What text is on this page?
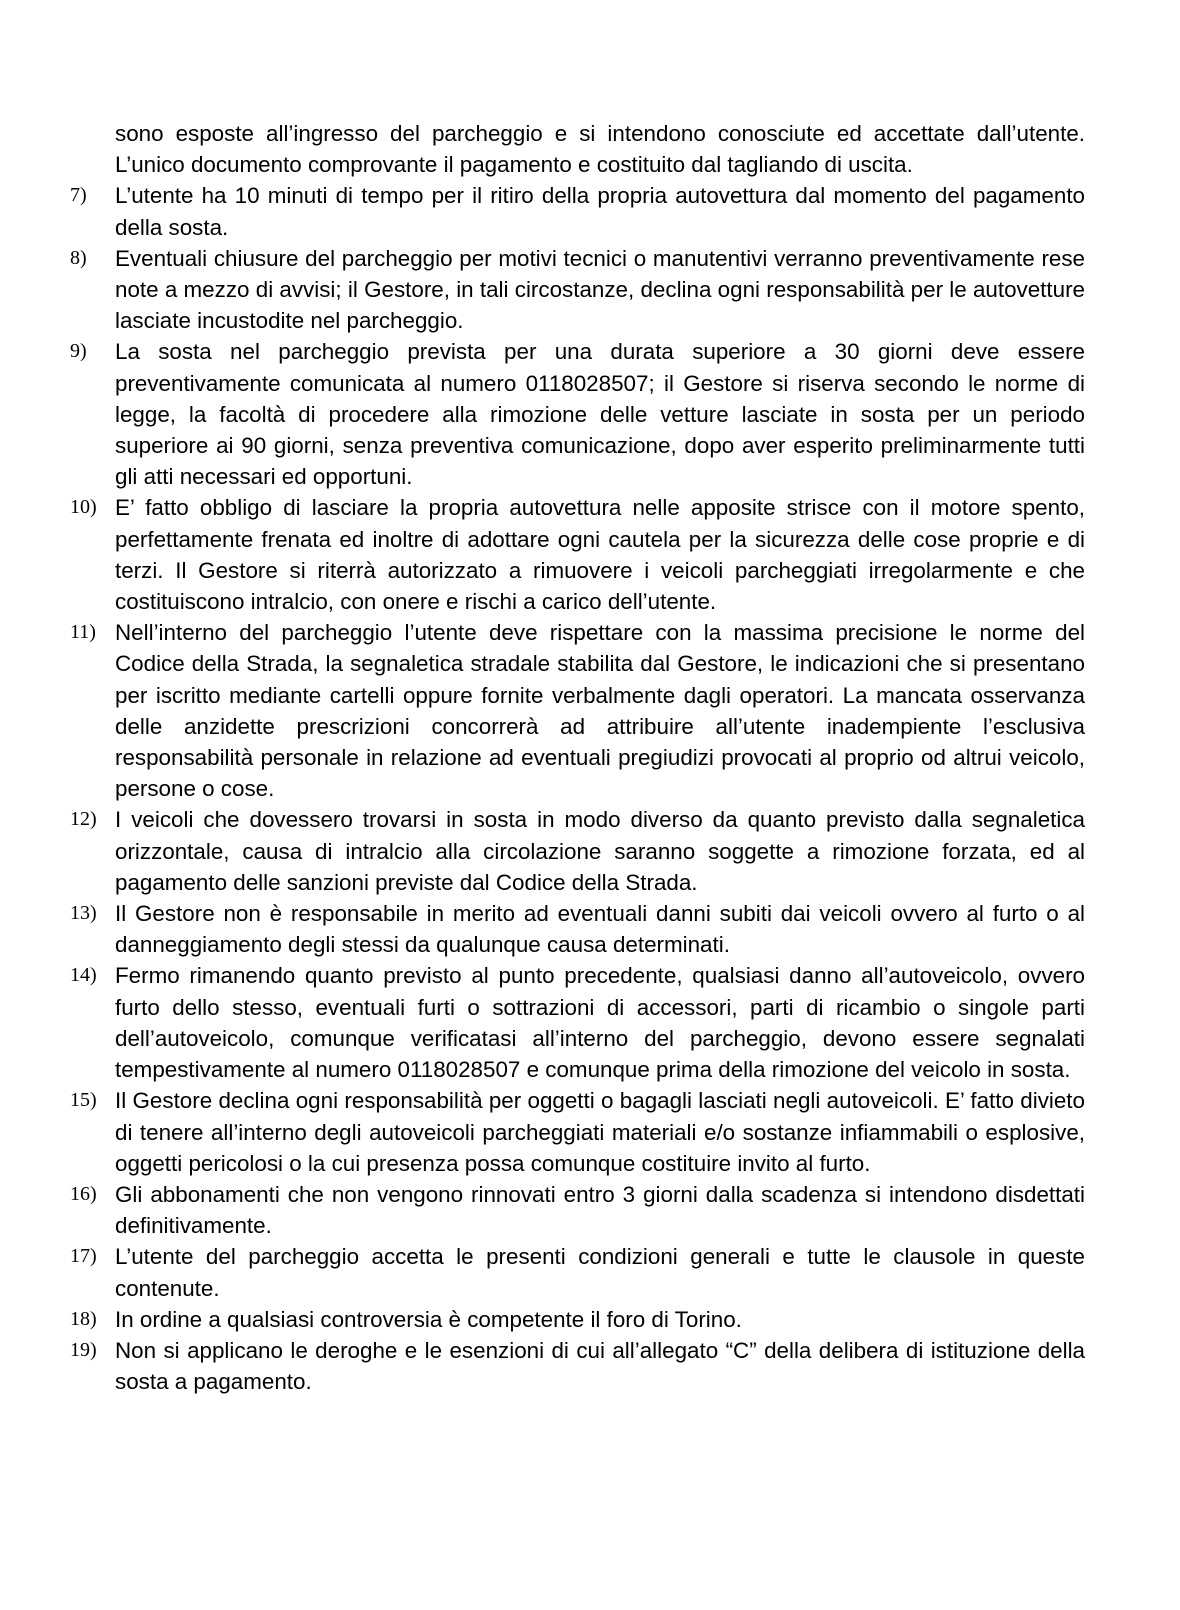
sono esposte all’ingresso del parcheggio e si intendono conosciute ed accettate dall’utente. L’unico documento comprovante il pagamento e costituito dal tagliando di uscita.
7)	L’utente ha 10 minuti di tempo per il ritiro della propria autovettura dal momento del pagamento della sosta.
8)	Eventuali chiusure del parcheggio per motivi tecnici o manutentivi verranno preventivamente rese note a mezzo di avvisi; il Gestore, in tali circostanze, declina ogni responsabilità per le autovetture lasciate incustodite nel parcheggio.
9)	La sosta nel parcheggio prevista per una durata superiore a 30 giorni deve essere preventivamente comunicata al numero 0118028507; il Gestore si riserva secondo le norme di legge, la facoltà di procedere alla rimozione delle vetture lasciate in sosta per un periodo superiore ai 90 giorni, senza preventiva comunicazione, dopo aver esperito preliminarmente tutti gli atti necessari ed opportuni.
10) E’ fatto obbligo di lasciare la propria autovettura nelle apposite strisce con il motore spento, perfettamente frenata ed inoltre di adottare ogni cautela per la sicurezza delle cose proprie e di terzi. Il Gestore si riterrà autorizzato a rimuovere i veicoli parcheggiati irregolarmente e che costituiscono intralcio, con onere e rischi a carico dell’utente.
11) Nell’interno del parcheggio l’utente deve rispettare con la massima precisione le norme del Codice della Strada, la segnaletica stradale stabilita dal Gestore, le indicazioni che si presentano per iscritto mediante cartelli oppure fornite verbalmente dagli operatori. La mancata osservanza delle anzidette prescrizioni concorrerà ad attribuire all’utente inadempiente l’esclusiva responsabilità personale in relazione ad eventuali pregiudizi provocati al proprio od altrui veicolo, persone o cose.
12) I veicoli che dovessero trovarsi in sosta in modo diverso da quanto previsto dalla segnaletica orizzontale, causa di intralcio alla circolazione saranno soggette a rimozione forzata, ed al pagamento delle sanzioni previste dal Codice della Strada.
13) Il Gestore non è responsabile in merito ad eventuali danni subiti dai veicoli ovvero al furto o al danneggiamento degli stessi da qualunque causa determinati.
14) Fermo rimanendo quanto previsto al punto precedente, qualsiasi danno all’autoveicolo, ovvero furto dello stesso, eventuali furti o sottrazioni di accessori, parti di ricambio o singole parti dell’autoveicolo, comunque verificatasi all’interno del parcheggio, devono essere segnalati tempestivamente al numero 0118028507 e comunque prima della rimozione del veicolo in sosta.
15) Il Gestore declina ogni responsabilità per oggetti o bagagli lasciati negli autoveicoli. E’ fatto divieto di tenere all’interno degli autoveicoli parcheggiati materiali e/o sostanze infiammabili o esplosive, oggetti pericolosi o la cui presenza possa comunque costituire invito al furto.
16) Gli abbonamenti che non vengono rinnovati entro 3 giorni dalla scadenza si intendono disdettati definitivamente.
17) L’utente del parcheggio accetta le presenti condizioni generali e tutte le clausole in queste contenute.
18) In ordine a qualsiasi controversia è competente il foro di Torino.
19) Non si applicano le deroghe e le esenzioni di cui all’allegato “C” della delibera di istituzione della sosta a pagamento.
